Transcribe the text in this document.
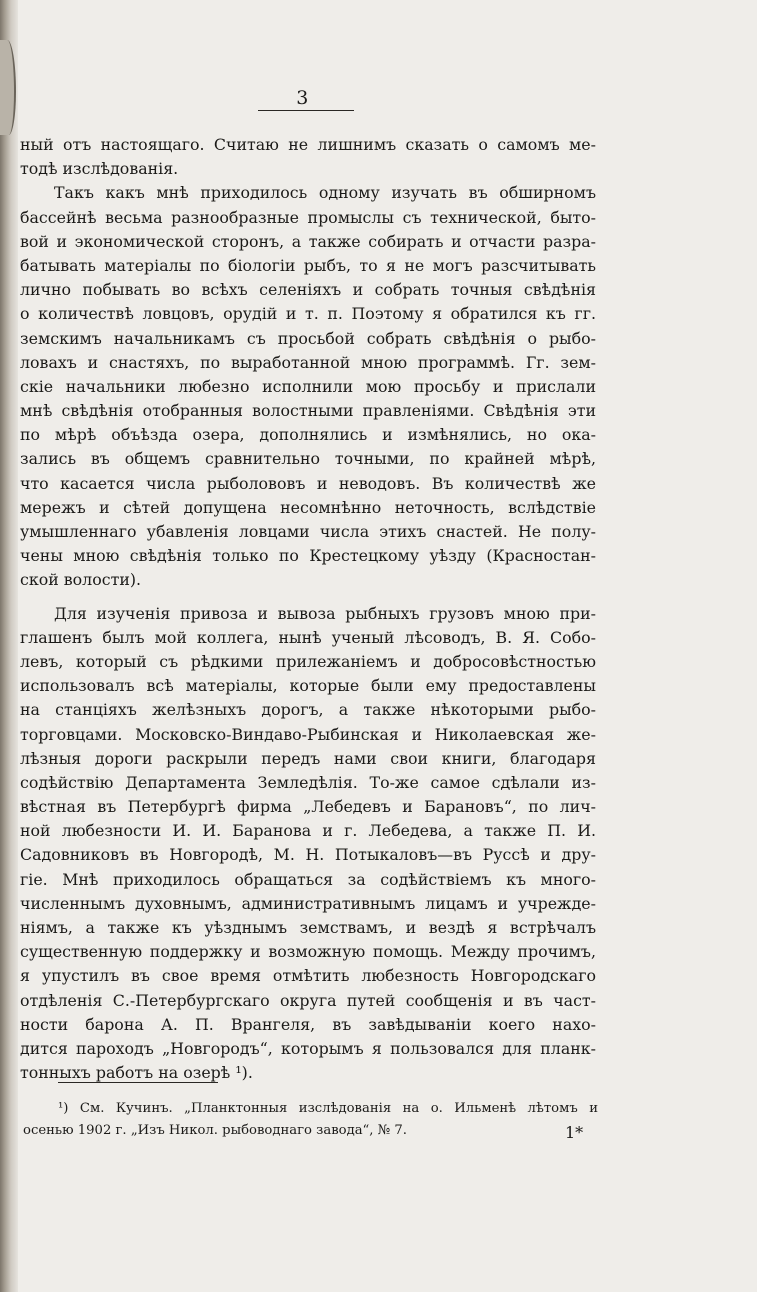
3
ный отъ настоящаго. Считаю не лишнимъ сказать о самомъ ме-
тодѣ изслѣдованія.
Такъ какъ мнѣ приходилось одному изучать въ обширномъ
бассейнѣ весьма разнообразные промыслы съ технической, быто-
вой и экономической сторонъ, а также собирать и отчасти разра-
батывать матеріалы по біологіи рыбъ, то я не могъ разсчитывать
лично побывать во всѣхъ селеніяхъ и собрать точныя свѣдѣнія
о количествѣ ловцовъ, орудій и т. п. Поэтому я обратился къ гг.
земскимъ начальникамъ съ просьбой собрать свѣдѣнія о рыбо-
ловахъ и снастяхъ, по выработанной мною программѣ. Гг. зем-
скіе начальники любезно исполнили мою просьбу и прислали
мнѣ свѣдѣнія отобранныя волостными правленіями. Свѣдѣнія эти
по мѣрѣ объѣзда озера, дополнялись и измѣнялись, но ока-
зались въ общемъ сравнительно точными, по крайней мѣрѣ,
что касается числа рыболововъ и неводовъ. Въ количествѣ же
мережъ и сѣтей допущена несомнѣнно неточность, вслѣдствіе
умышленнаго убавленія ловцами числа этихъ снастей. Не полу-
чены мною свѣдѣнія только по Крестецкому уѣзду (Красностан-
ской волости).
Для изученія привоза и вывоза рыбныхъ грузовъ мною при-
глашенъ былъ мой коллега, нынѣ ученый лѣсоводъ, В. Я. Собо-
левъ, который съ рѣдкими прилежаніемъ и добросовѣстностью
использовалъ всѣ матеріалы, которые были ему предоставлены
на станціяхъ желѣзныхъ дорогъ, а также нѣкоторыми рыбо-
торговцами. Московско-Виндаво-Рыбинская и Николаевская же-
лѣзныя дороги раскрыли передъ нами свои книги, благодаря
содѣйствію Департамента Земледѣлія. То-же самое сдѣлали из-
вѣстная въ Петербургѣ фирма „Лебедевъ и Барановъ“, по лич-
ной любезности И. И. Баранова и г. Лебедева, а также П. И.
Садовниковъ въ Новгородѣ, М. Н. Потыкаловъ—въ Руссѣ и дру-
гіе. Мнѣ приходилось обращаться за содѣйствіемъ къ много-
численнымъ духовнымъ, административнымъ лицамъ и учрежде-
ніямъ, а также къ уѣзднымъ земствамъ, и вездѣ я встрѣчалъ
существенную поддержку и возможную помощь. Между прочимъ,
я упустилъ въ свое время отмѣтить любезность Новгородскаго
отдѣленія С.-Петербургскаго округа путей сообщенія и въ част-
ности барона А. П. Врангеля, въ завѣдываніи коего нахо-
дится пароходъ „Новгородъ“, которымъ я пользовался для планк-
тонныхъ работъ на озерѣ ¹).
¹) См. Кучинъ. „Планктонныя изслѣдованія на о. Ильменѣ лѣтомъ и
осенью 1902 г. „Изъ Никол. рыбоводнаго завода“, № 7.	1*
